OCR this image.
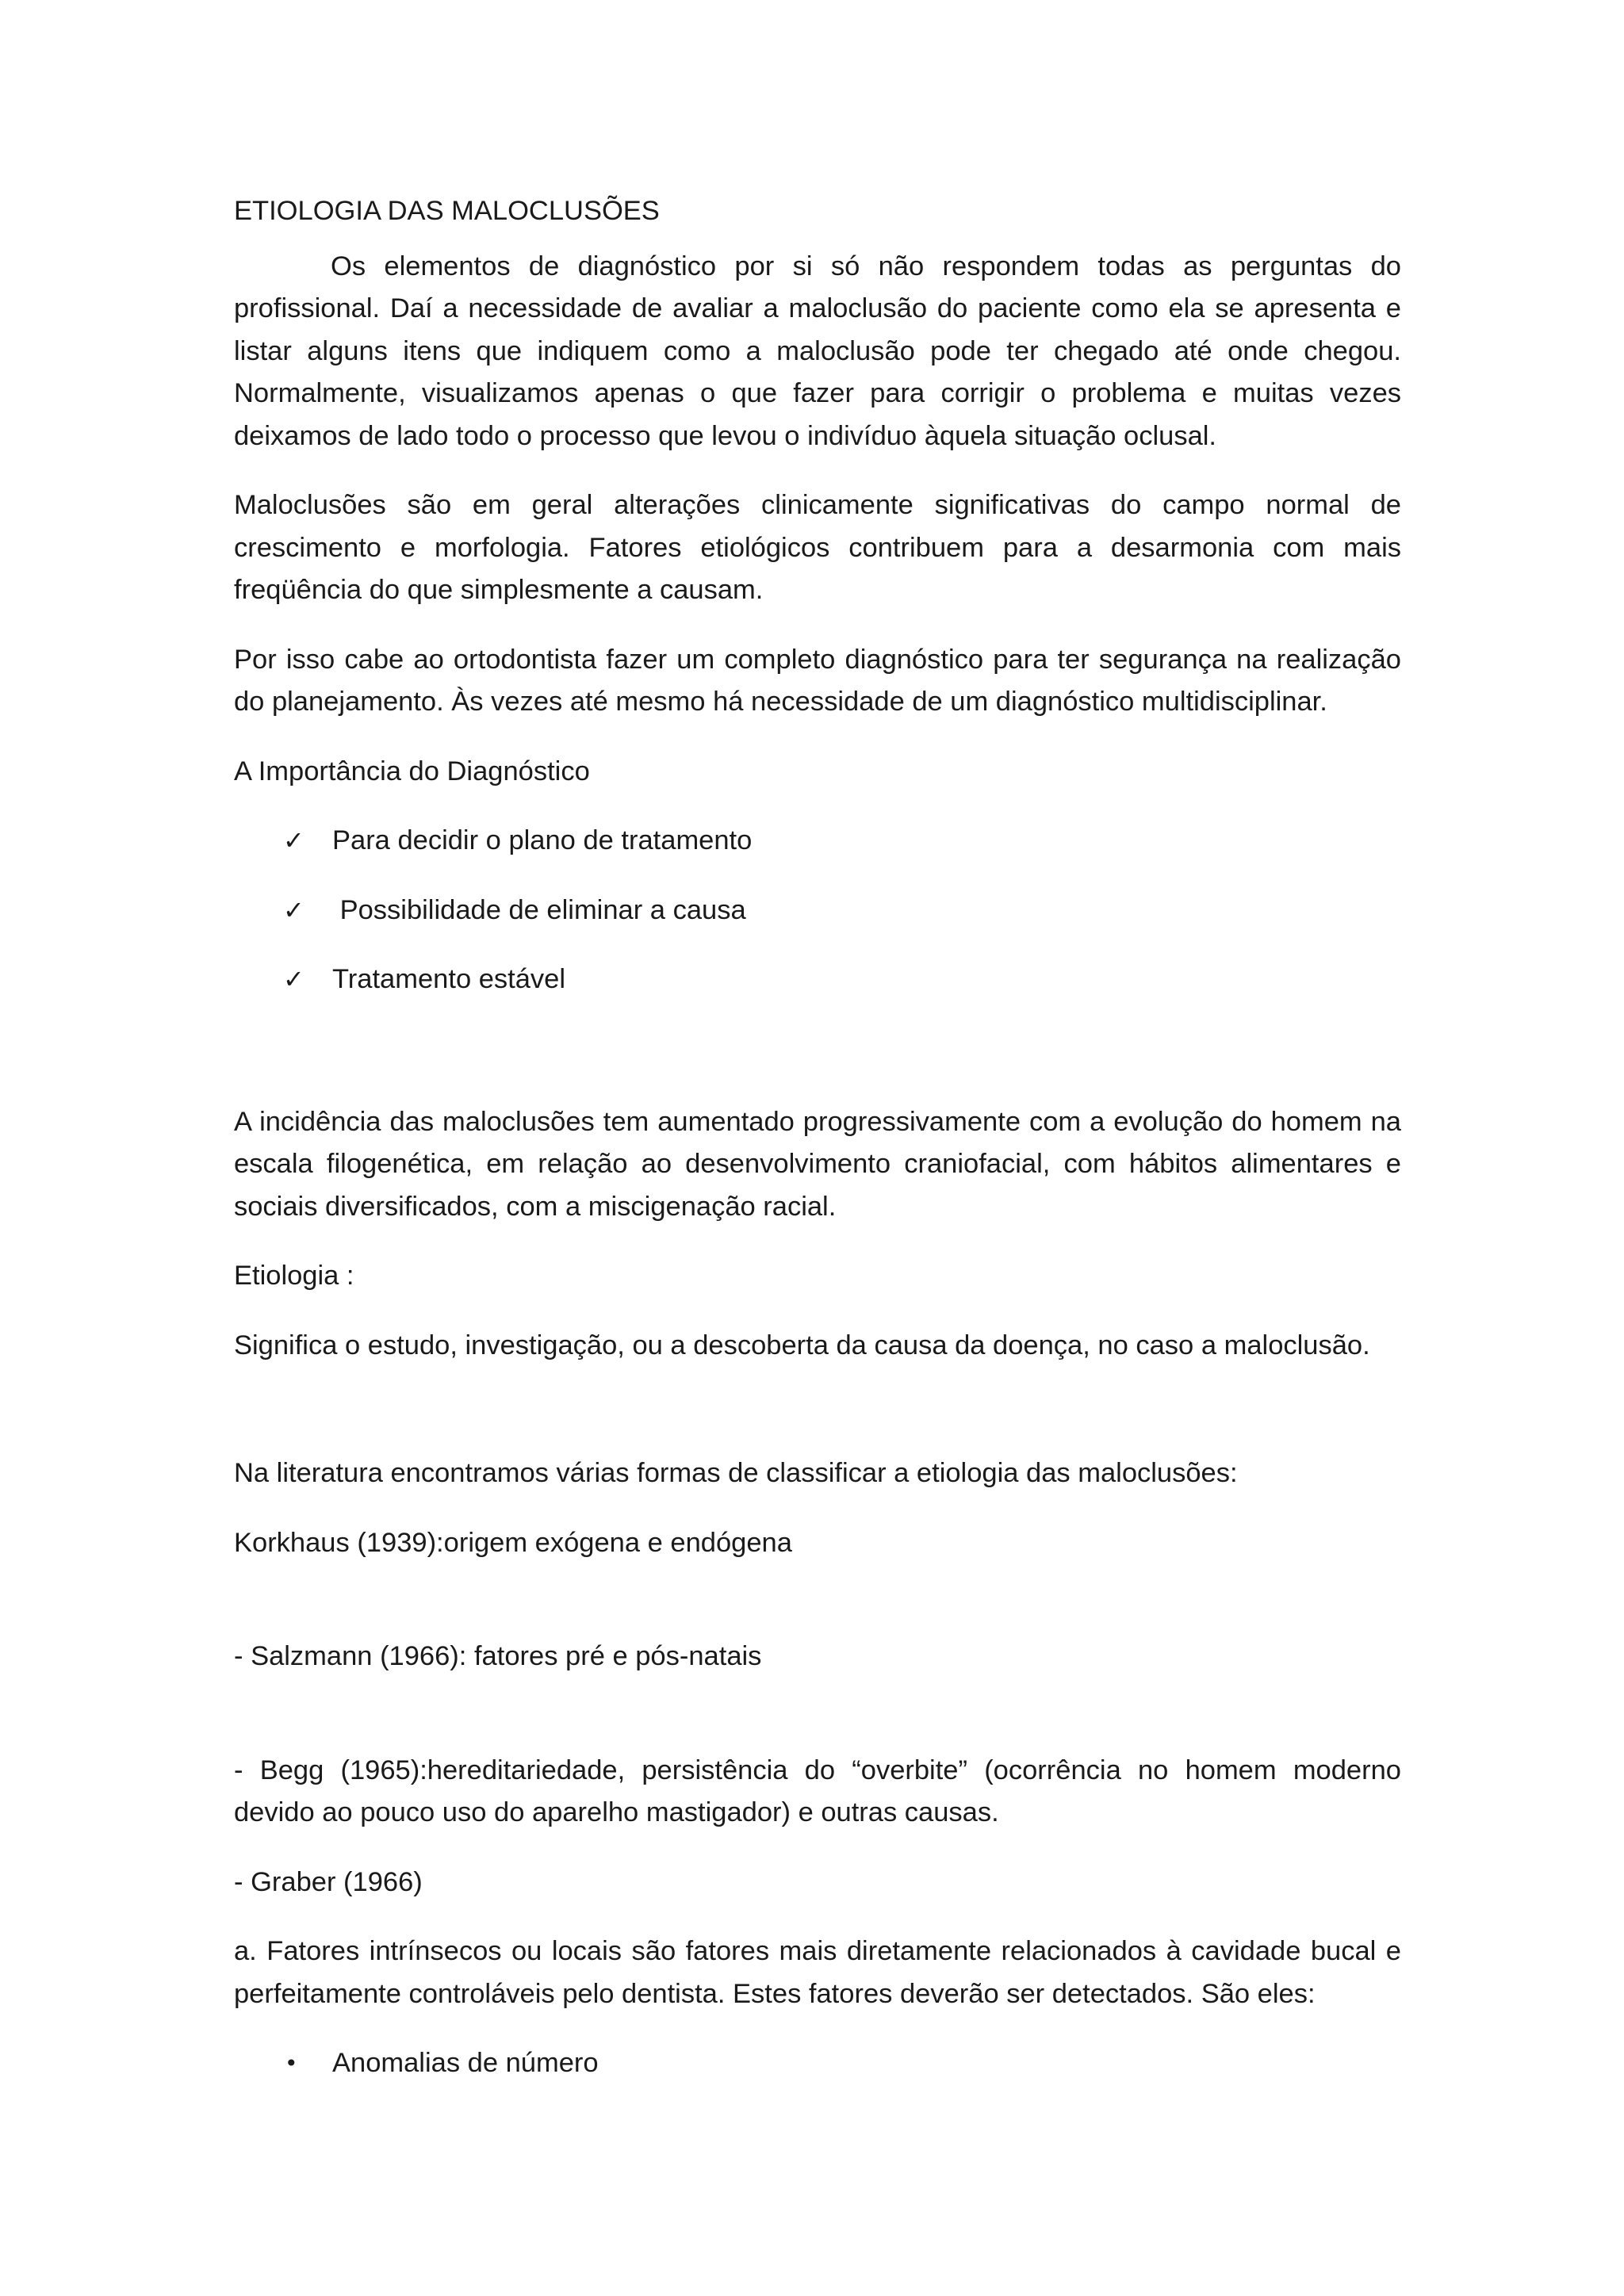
ETIOLOGIA DAS MALOCLUSÕES

Os elementos de diagnóstico por si só não respondem todas as perguntas do profissional. Daí a necessidade de avaliar a maloclusão do paciente como ela se apresenta e listar alguns itens que indiquem como a maloclusão pode ter chegado até onde chegou. Normalmente, visualizamos apenas o que fazer para corrigir o problema e muitas vezes deixamos de lado todo o processo que levou o indivíduo àquela situação oclusal.

Maloclusões são em geral alterações clinicamente significativas do campo normal de crescimento e morfologia. Fatores etiológicos contribuem para a desarmonia com mais freqüência do que simplesmente a causam.

Por isso cabe ao ortodontista fazer um completo diagnóstico para ter segurança na realização do planejamento. Às vezes até mesmo há necessidade de um diagnóstico multidisciplinar.

A Importância do Diagnóstico

✓ Para decidir o plano de tratamento
✓ Possibilidade de eliminar a causa
✓ Tratamento estável

A incidência das maloclusões tem aumentado progressivamente com a evolução do homem na escala filogenética, em relação ao desenvolvimento craniofacial, com hábitos alimentares e sociais diversificados, com a miscigenação racial.

Etiologia :

Significa o estudo, investigação, ou a descoberta da causa da doença, no caso a maloclusão.

Na literatura encontramos várias formas de classificar a etiologia das maloclusões:

Korkhaus (1939):origem exógena e endógena

- Salzmann (1966): fatores pré e pós-natais

- Begg (1965):hereditariedade, persistência do “overbite” (ocorrência no homem moderno devido ao pouco uso do aparelho mastigador) e outras causas.

- Graber (1966)

a. Fatores intrínsecos ou locais são fatores mais diretamente relacionados à cavidade bucal e perfeitamente controláveis pelo dentista. Estes fatores deverão ser detectados. São eles:

• Anomalias de número
